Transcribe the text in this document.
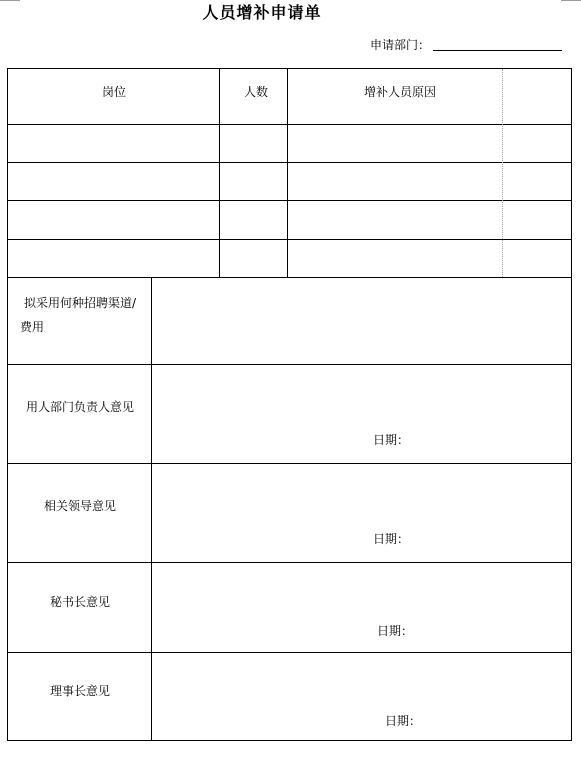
人员增补申请单
申请部门：
岗位	人数	增补人员原因
拟采用何种招聘渠道/
费用
用人部门负责人意见
日期：
相关领导意见
日期：
秘书长意见
日期：
理事长意见
日期：
